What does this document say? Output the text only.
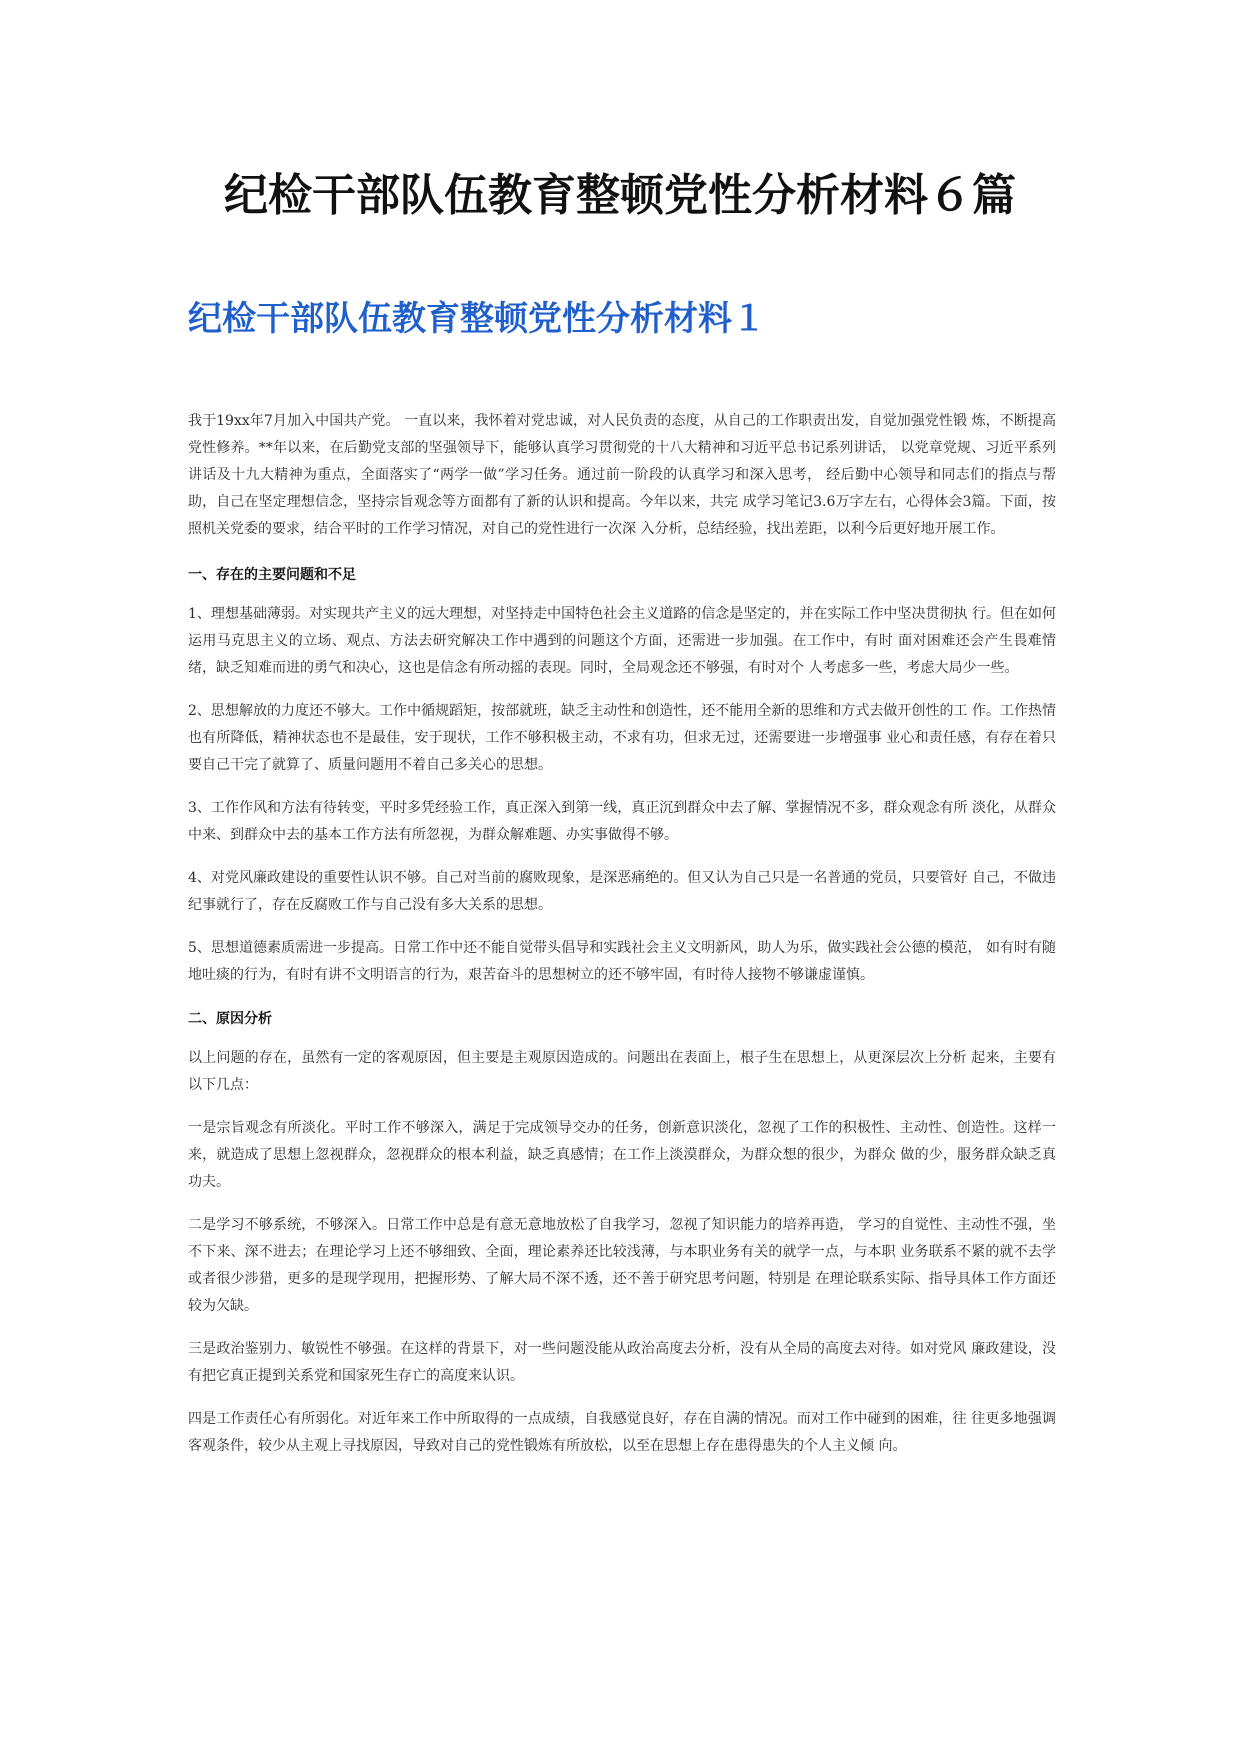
纪检干部队伍教育整顿党性分析材料６篇
纪检干部队伍教育整顿党性分析材料１

我于19xx年7月加入中国共产党。 一直以来，我怀着对党忠诚，对人民负责的态度，从自己的工作职责出发，自觉加强党性锻 炼，不断提高党性修养。**年以来，在后勤党支部的坚强领导下，能够认真学习贯彻党的十八大精神和习近平总书记系列讲话， 以党章党规、习近平系列讲话及十九大精神为重点，全面落实了“两学一做”学习任务。通过前一阶段的认真学习和深入思考， 经后勤中心领导和同志们的指点与帮助，自己在坚定理想信念，坚持宗旨观念等方面都有了新的认识和提高。今年以来，共完 成学习笔记3.6万字左右，心得体会3篇。下面，按照机关党委的要求，结合平时的工作学习情况，对自己的党性进行一次深 入分析，总结经验，找出差距，以利今后更好地开展工作。

一、存在的主要问题和不足

1、理想基础薄弱。对实现共产主义的远大理想，对坚持走中国特色社会主义道路的信念是坚定的，并在实际工作中坚决贯彻执 行。但在如何运用马克思主义的立场、观点、方法去研究解决工作中遇到的问题这个方面，还需进一步加强。在工作中，有时 面对困难还会产生畏难情绪，缺乏知难而进的勇气和决心，这也是信念有所动摇的表现。同时，全局观念还不够强，有时对个 人考虑多一些，考虑大局少一些。

2、思想解放的力度还不够大。工作中循规蹈矩，按部就班，缺乏主动性和创造性，还不能用全新的思维和方式去做开创性的工 作。工作热情也有所降低，精神状态也不是最佳，安于现状，工作不够积极主动，不求有功，但求无过，还需要进一步增强事 业心和责任感，有存在着只要自己干完了就算了、质量问题用不着自己多关心的思想。

3、工作作风和方法有待转变，平时多凭经验工作，真正深入到第一线，真正沉到群众中去了解、掌握情况不多，群众观念有所 淡化，从群众中来、到群众中去的基本工作方法有所忽视，为群众解难题、办实事做得不够。

4、对党风廉政建设的重要性认识不够。自己对当前的腐败现象，是深恶痛绝的。但又认为自己只是一名普通的党员，只要管好 自己，不做违纪事就行了，存在反腐败工作与自己没有多大关系的思想。

5、思想道德素质需进一步提高。日常工作中还不能自觉带头倡导和实践社会主义文明新风，助人为乐，做实践社会公德的模范， 如有时有随地吐痰的行为，有时有讲不文明语言的行为，艰苦奋斗的思想树立的还不够牢固，有时待人接物不够谦虚谨慎。

二、原因分析

以上问题的存在，虽然有一定的客观原因，但主要是主观原因造成的。问题出在表面上，根子生在思想上，从更深层次上分析 起来，主要有以下几点：

一是宗旨观念有所淡化。平时工作不够深入，满足于完成领导交办的任务，创新意识淡化，忽视了工作的积极性、主动性、创造性。这样一来，就造成了思想上忽视群众，忽视群众的根本利益，缺乏真感情；在工作上淡漠群众，为群众想的很少，为群众 做的少，服务群众缺乏真功夫。

二是学习不够系统，不够深入。日常工作中总是有意无意地放松了自我学习，忽视了知识能力的培养再造， 学习的自觉性、主动性不强，坐不下来、深不进去；在理论学习上还不够细致、全面，理论素养还比较浅薄，与本职业务有关的就学一点，与本职 业务联系不紧的就不去学或者很少涉猎，更多的是现学现用，把握形势、了解大局不深不透，还不善于研究思考问题，特别是 在理论联系实际、指导具体工作方面还较为欠缺。

三是政治鉴别力、敏锐性不够强。在这样的背景下，对一些问题没能从政治高度去分析，没有从全局的高度去对待。如对党风 廉政建设，没有把它真正提到关系党和国家死生存亡的高度来认识。

四是工作责任心有所弱化。对近年来工作中所取得的一点成绩，自我感觉良好，存在自满的情况。而对工作中碰到的困难，往 往更多地强调客观条件，较少从主观上寻找原因，导致对自己的党性锻炼有所放松，以至在思想上存在患得患失的个人主义倾 向。
